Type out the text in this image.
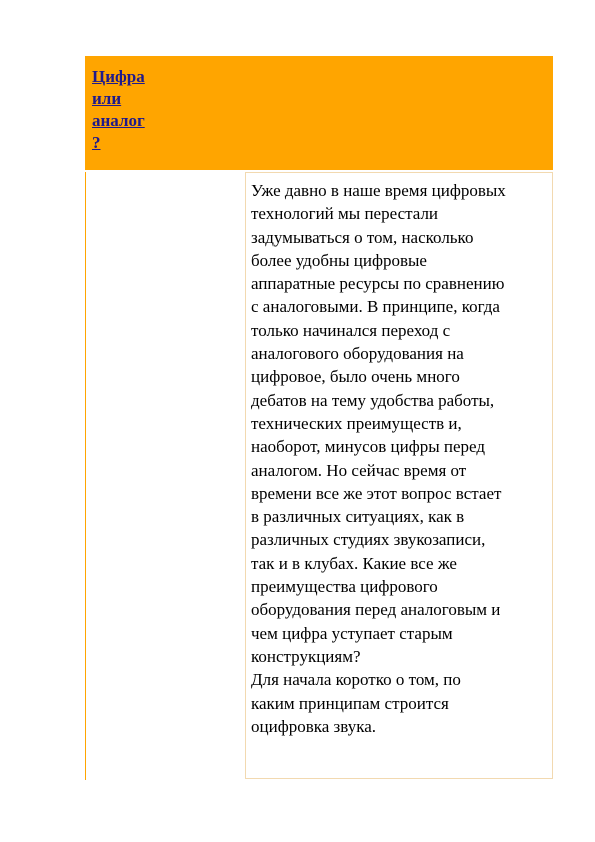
Цифра
или
аналог
?

Уже давно в наше время цифровых
технологий мы перестали
задумываться о том, насколько
более удобны цифровые
аппаратные ресурсы по сравнению
с аналоговыми. В принципе, когда
только начинался переход с
аналогового оборудования на
цифровое, было очень много
дебатов на тему удобства работы,
технических преимуществ и,
наоборот, минусов цифры перед
аналогом. Но сейчас время от
времени все же этот вопрос встает
в различных ситуациях, как в
различных студиях звукозаписи,
так и в клубах. Какие все же
преимущества цифрового
оборудования перед аналоговым и
чем цифра уступает старым
конструкциям?
Для начала коротко о том, по
каким принципам строится
оцифровка звука.
